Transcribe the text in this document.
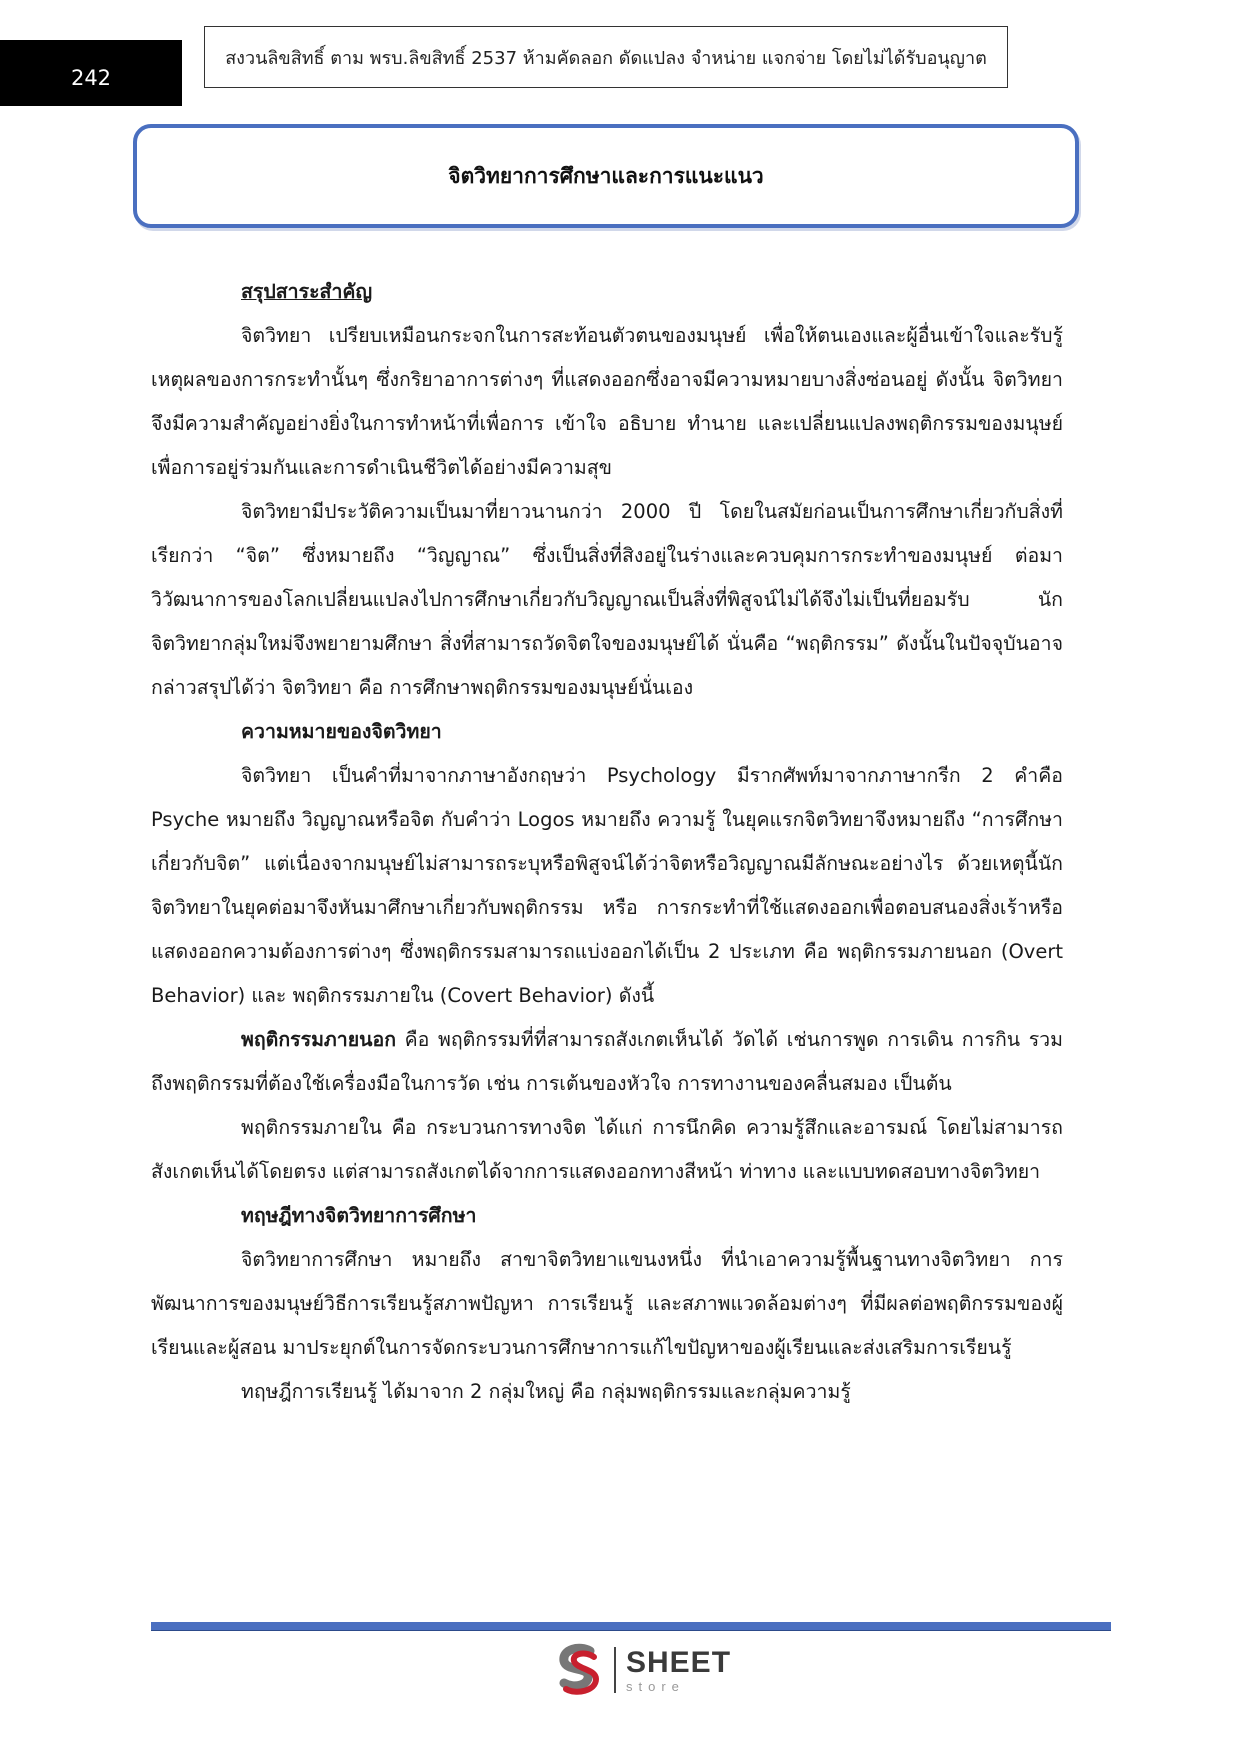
242
สงวนลิขสิทธิ์ ตาม พรบ.ลิขสิทธิ์ 2537 ห้ามคัดลอก ดัดแปลง จำหน่าย แจกจ่าย โดยไม่ได้รับอนุญาต
จิตวิทยาการศึกษาและการแนะแนว

สรุปสาระสำคัญ

จิตวิทยา เปรียบเหมือนกระจกในการสะท้อนตัวตนของมนุษย์ เพื่อให้ตนเองและผู้อื่นเข้าใจและรับรู้เหตุผลของการกระทำนั้นๆ ซึ่งกริยาอาการต่างๆ ที่แสดงออกซึ่งอาจมีความหมายบางสิ่งซ่อนอยู่ ดังนั้น จิตวิทยาจึงมีความสำคัญอย่างยิ่งในการทำหน้าที่เพื่อการ เข้าใจ อธิบาย ทำนาย และเปลี่ยนแปลงพฤติกรรมของมนุษย์ เพื่อการอยู่ร่วมกันและการดำเนินชีวิตได้อย่างมีความสุข

จิตวิทยามีประวัติความเป็นมาที่ยาวนานกว่า 2000 ปี โดยในสมัยก่อนเป็นการศึกษาเกี่ยวกับสิ่งที่เรียกว่า “จิต” ซึ่งหมายถึง “วิญญาณ” ซึ่งเป็นสิ่งที่สิงอยู่ในร่างและควบคุมการกระทำของมนุษย์ ต่อมาวิวัฒนาการของโลกเปลี่ยนแปลงไปการศึกษาเกี่ยวกับวิญญาณเป็นสิ่งที่พิสูจน์ไม่ได้จึงไม่เป็นที่ยอมรับ นักจิตวิทยากลุ่มใหม่จึงพยายามศึกษา สิ่งที่สามารถวัดจิตใจของมนุษย์ได้ นั่นคือ “พฤติกรรม” ดังนั้นในปัจจุบันอาจกล่าวสรุปได้ว่า จิตวิทยา คือ การศึกษาพฤติกรรมของมนุษย์นั่นเอง

ความหมายของจิตวิทยา

จิตวิทยา เป็นคำที่มาจากภาษาอังกฤษว่า Psychology มีรากศัพท์มาจากภาษากรีก 2 คำคือ Psyche หมายถึง วิญญาณหรือจิต กับคำว่า Logos หมายถึง ความรู้ ในยุคแรกจิตวิทยาจึงหมายถึง “การศึกษาเกี่ยวกับจิต” แต่เนื่องจากมนุษย์ไม่สามารถระบุหรือพิสูจน์ได้ว่าจิตหรือวิญญาณมีลักษณะอย่างไร ด้วยเหตุนี้นักจิตวิทยาในยุคต่อมาจึงหันมาศึกษาเกี่ยวกับพฤติกรรม หรือ การกระทำที่ใช้แสดงออกเพื่อตอบสนองสิ่งเร้าหรือแสดงออกความต้องการต่างๆ ซึ่งพฤติกรรมสามารถแบ่งออกได้เป็น 2 ประเภท คือ พฤติกรรมภายนอก (Overt Behavior) และ พฤติกรรมภายใน (Covert Behavior) ดังนี้

พฤติกรรมภายนอก คือ พฤติกรรมที่ที่สามารถสังเกตเห็นได้ วัดได้ เช่นการพูด การเดิน การกิน รวมถึงพฤติกรรมที่ต้องใช้เครื่องมือในการวัด เช่น การเต้นของหัวใจ การทางานของคลื่นสมอง เป็นต้น

พฤติกรรมภายใน คือ กระบวนการทางจิต ได้แก่ การนึกคิด ความรู้สึกและอารมณ์ โดยไม่สามารถสังเกตเห็นได้โดยตรง แต่สามารถสังเกตได้จากการแสดงออกทางสีหน้า ท่าทาง และแบบทดสอบทางจิตวิทยา

ทฤษฎีทางจิตวิทยาการศึกษา

จิตวิทยาการศึกษา หมายถึง สาขาจิตวิทยาแขนงหนึ่ง ที่นำเอาความรู้พื้นฐานทางจิตวิทยา การพัฒนาการของมนุษย์วิธีการเรียนรู้สภาพปัญหา การเรียนรู้ และสภาพแวดล้อมต่างๆ ที่มีผลต่อพฤติกรรมของผู้เรียนและผู้สอน มาประยุกต์ในการจัดกระบวนการศึกษาการแก้ไขปัญหาของผู้เรียนและส่งเสริมการเรียนรู้

ทฤษฎีการเรียนรู้ ได้มาจาก 2 กลุ่มใหญ่ คือ กลุ่มพฤติกรรมและกลุ่มความรู้

SHEET
store
